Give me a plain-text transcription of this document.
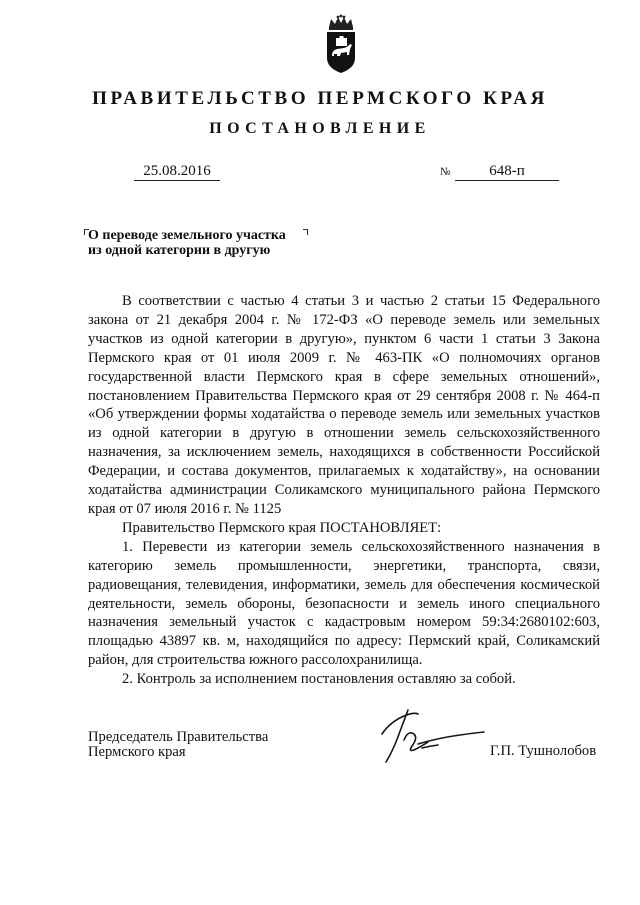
ПРАВИТЕЛЬСТВО ПЕРМСКОГО КРАЯ
ПОСТАНОВЛЕНИЕ
25.08.2016	№	648-п
О переводе земельного участка
из одной категории в другую

В соответствии с частью 4 статьи 3 и частью 2 статьи 15 Федерального закона от 21 декабря 2004 г. № 172-ФЗ «О переводе земель или земельных участков из одной категории в другую», пунктом 6 части 1 статьи 3 Закона Пермского края от 01 июля 2009 г. № 463-ПК «О полномочиях органов государственной власти Пермского края в сфере земельных отношений», постановлением Правительства Пермского края от 29 сентября 2008 г. № 464-п «Об утверждении формы ходатайства о переводе земель или земельных участков из одной категории в другую в отношении земель сельскохозяйственного назначения, за исключением земель, находящихся в собственности Российской Федерации, и состава документов, прилагаемых к ходатайству», на основании ходатайства администрации Соликамского муниципального района Пермского края от 07 июля 2016 г. № 1125

Правительство Пермского края ПОСТАНОВЛЯЕТ:

1. Перевести из категории земель сельскохозяйственного назначения в категорию земель промышленности, энергетики, транспорта, связи, радиовещания, телевидения, информатики, земель для обеспечения космической деятельности, земель обороны, безопасности и земель иного специального назначения земельный участок с кадастровым номером 59:34:2680102:603, площадью 43897 кв. м, находящийся по адресу: Пермский край, Соликамский район, для строительства южного рассолохранилища.

2. Контроль за исполнением постановления оставляю за собой.

Председатель Правительства
Пермского края	Г.П. Тушнолобов
